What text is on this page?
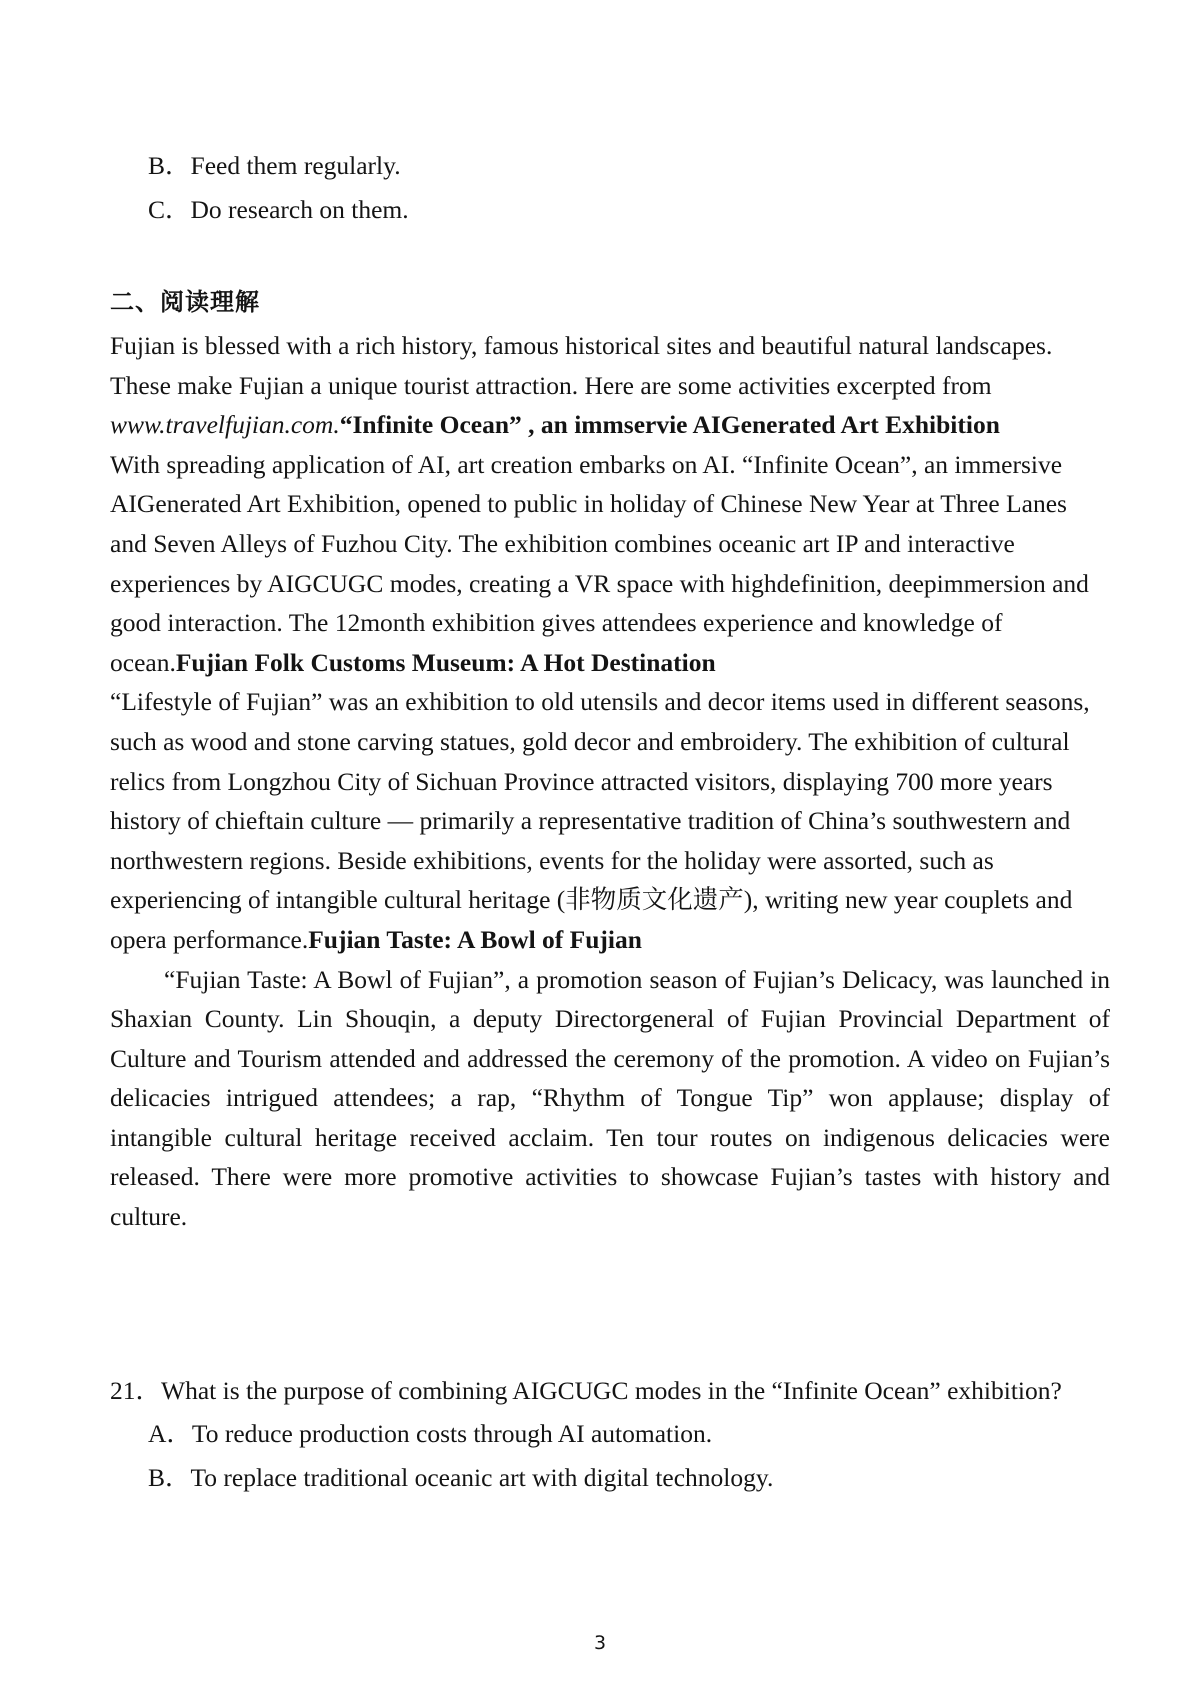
B．Feed them regularly.
C．Do research on them.
二、阅读理解

Fujian is blessed with a rich history, famous historical sites and beautiful natural landscapes. These make Fujian a unique tourist attraction. Here are some activities excerpted from www.travelfujian.com.“Infinite Ocean” , an immservie AIGenerated Art Exhibition

With spreading application of AI, art creation embarks on AI. “Infinite Ocean”, an immersive AIGenerated Art Exhibition, opened to public in holiday of Chinese New Year at Three Lanes and Seven Alleys of Fuzhou City. The exhibition combines oceanic art IP and interactive experiences by AIGCUGC modes, creating a VR space with highdefinition, deepimmersion and good interaction. The 12month exhibition gives attendees experience and knowledge of ocean.Fujian Folk Customs Museum: A Hot Destination

“Lifestyle of Fujian” was an exhibition to old utensils and decor items used in different seasons, such as wood and stone carving statues, gold decor and embroidery. The exhibition of cultural relics from Longzhou City of Sichuan Province attracted visitors, displaying 700 more years history of chieftain culture — primarily a representative tradition of China’s southwestern and northwestern regions. Beside exhibitions, events for the holiday were assorted, such as experiencing of intangible cultural heritage (非物质文化遗产), writing new year couplets and opera performance.Fujian Taste: A Bowl of Fujian

“Fujian Taste: A Bowl of Fujian”, a promotion season of Fujian’s Delicacy, was launched in Shaxian County. Lin Shouqin, a deputy Directorgeneral of Fujian Provincial Department of Culture and Tourism attended and addressed the ceremony of the promotion. A video on Fujian’s delicacies intrigued attendees; a rap, “Rhythm of Tongue Tip” won applause; display of intangible cultural heritage received acclaim. Ten tour routes on indigenous delicacies were released. There were more promotive activities to showcase Fujian’s tastes with history and culture.

21．What is the purpose of combining AIGCUGC modes in the “Infinite Ocean” exhibition?

A．To reduce production costs through AI automation.
B．To replace traditional oceanic art with digital technology.
3
